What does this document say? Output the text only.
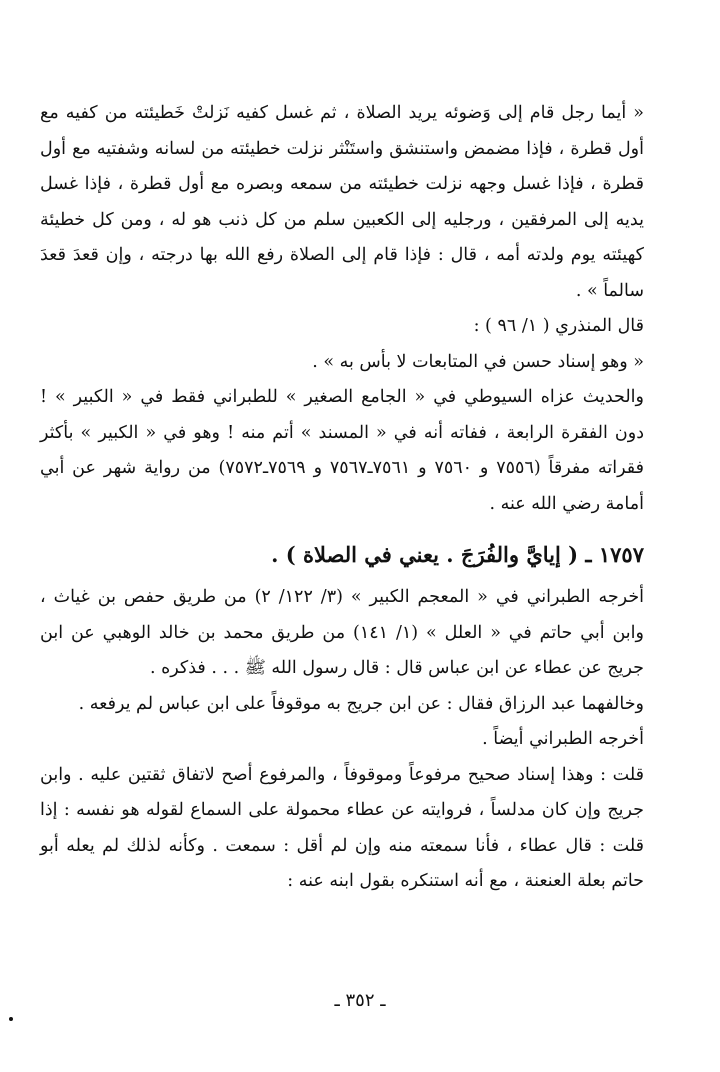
« أيما رجل قام إلى وَضوئه يريد الصلاة ، ثم غسل كفيه نَزلتْ خَطيئته من كفيه مع أول قطرة ، فإذا مضمض واستنشق واستَنْثر نزلت خطيئته من لسانه وشفتيه مع أول قطرة ، فإذا غسل وجهه نزلت خطيئته من سمعه وبصره مع أول قطرة ، فإذا غسل يديه إلى المرفقين ، ورجليه إلى الكعبين سلم من كل ذنب هو له ، ومن كل خطيئة كهيئته يوم ولدته أمه ، قال : فإذا قام إلى الصلاة رفع الله بها درجته ، وإن قعدَ قعدَ سالماً » .

قال المنذري ( ١/ ٩٦ ) :

« وهو إسناد حسن في المتابعات لا بأس به » .

والحديث عزاه السيوطي في « الجامع الصغير » للطبراني فقط في « الكبير » ! دون الفقرة الرابعة ، ففاته أنه في « المسند » أتم منه ! وهو في « الكبير » بأكثر فقراته مفرقاً (٧٥٥٦ و ٧٥٦٠ و ٧٥٦١ـ٧٥٦٧ و ٧٥٦٩ـ٧٥٧٢) من رواية شهر عن أبي أمامة رضي الله عنه .

١٧٥٧ ـ ( إيايَّ والفُرَجَ . يعني في الصلاة ) .

أخرجه الطبراني في « المعجم الكبير » (٣/ ١٢٢/ ٢) من طريق حفص بن غياث ، وابن أبي حاتم في « العلل » (١/ ١٤١) من طريق محمد بن خالد الوهبي عن ابن جريج عن عطاء عن ابن عباس قال : قال رسول الله ﷺ . . . فذكره .

وخالفهما عبد الرزاق فقال : عن ابن جريج به موقوفاً على ابن عباس لم يرفعه .

أخرجه الطبراني أيضاً .

قلت : وهذا إسناد صحيح مرفوعاً وموقوفاً ، والمرفوع أصح لاتفاق ثقتين عليه . وابن جريج وإن كان مدلساً ، فروايته عن عطاء محمولة على السماع لقوله هو نفسه : إذا قلت : قال عطاء ، فأنا سمعته منه وإن لم أقل : سمعت . وكأنه لذلك لم يعله أبو حاتم بعلة العنعنة ، مع أنه استنكره بقول ابنه عنه :

ـ ٣٥٢ ـ
